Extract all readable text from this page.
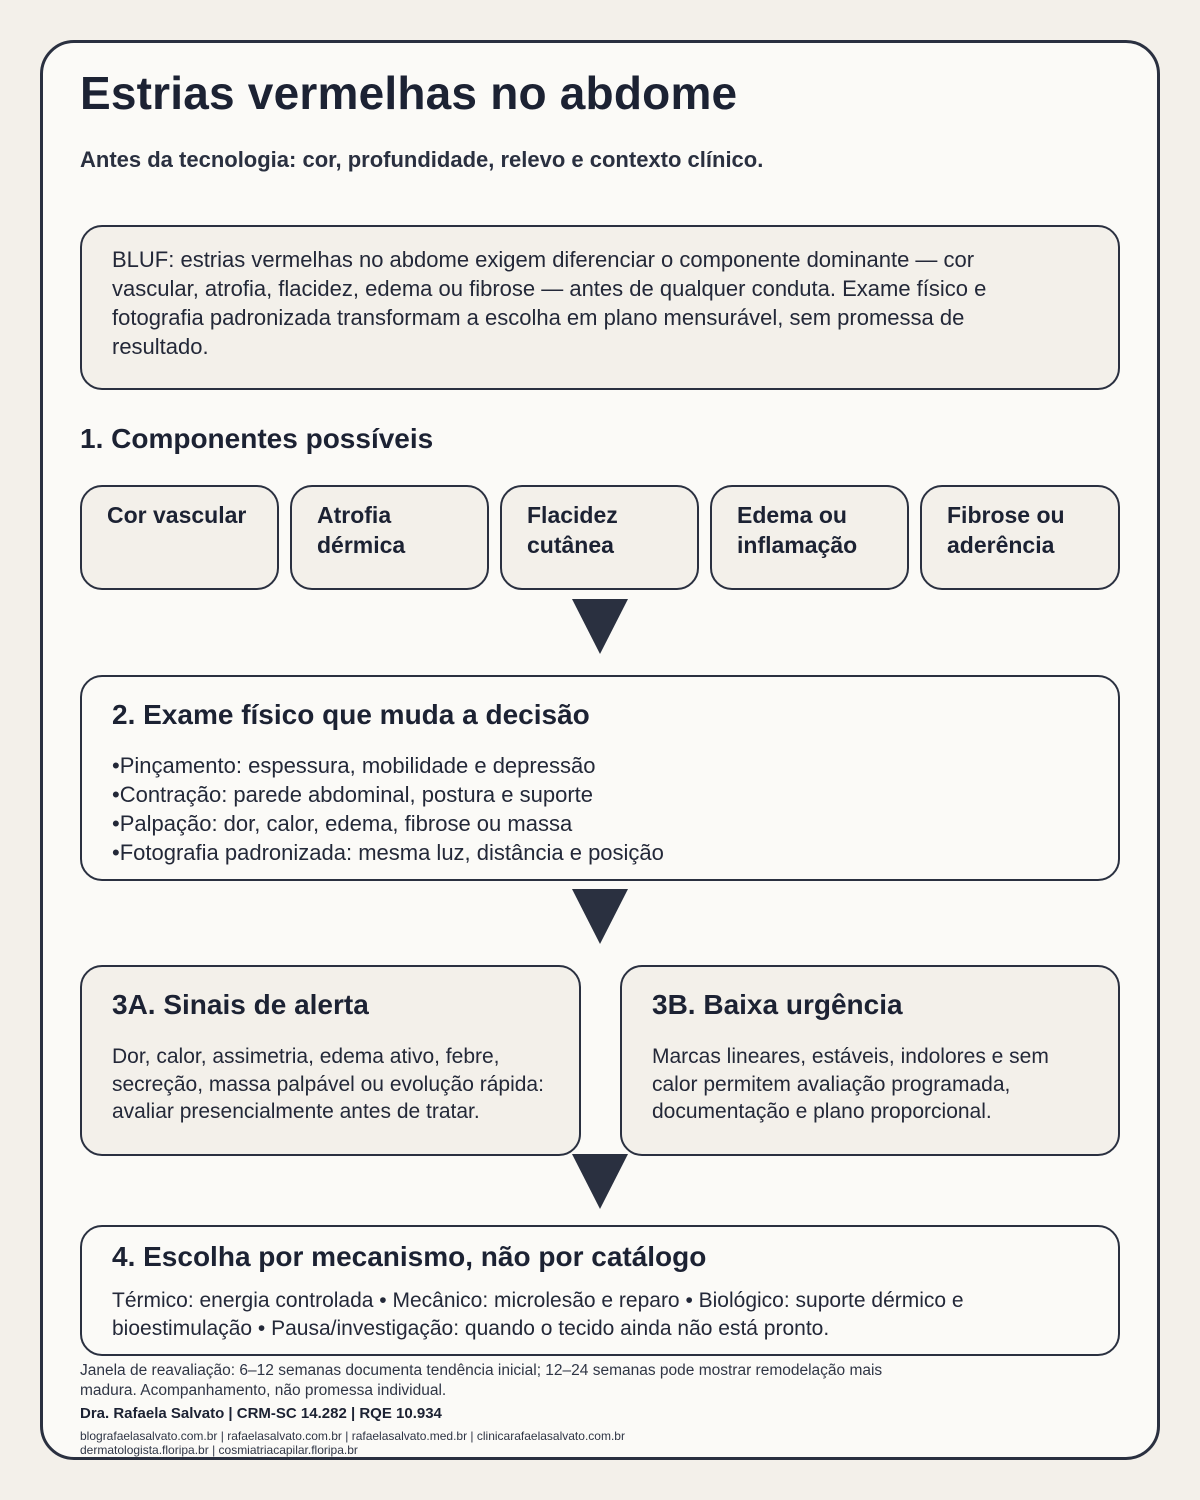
Estrias vermelhas no abdome

Antes da tecnologia: cor, profundidade, relevo e contexto clínico.

BLUF: estrias vermelhas no abdome exigem diferenciar o componente dominante — cor vascular, atrofia, flacidez, edema ou fibrose — antes de qualquer conduta. Exame físico e fotografia padronizada transformam a escolha em plano mensurável, sem promessa de resultado.
1. Componentes possíveis
Cor vascular	Atrofia dérmica
Flacidez cutânea
Edema ou inflamação
Fibrose ou aderência
2. Exame físico que muda a decisão
• Pinçamento: espessura, mobilidade e depressão
• Contração: parede abdominal, postura e suporte
• Palpação: dor, calor, edema, fibrose ou massa
• Fotografia padronizada: mesma luz, distância e posição
3A. Sinais de alerta

Dor, calor, assimetria, edema ativo, febre, secreção, massa palpável ou evolução rápida: avaliar presencialmente antes de tratar.

3B. Baixa urgência

Marcas lineares, estáveis, indolores e sem calor permitem avaliação programada, documentação e plano proporcional.

4. Escolha por mecanismo, não por catálogo

Térmico: energia controlada • Mecânico: microlesão e reparo • Biológico: suporte dérmico e bioestimulação • Pausa/investigação: quando o tecido ainda não está pronto.

Janela de reavaliação: 6–12 semanas documenta tendência inicial; 12–24 semanas pode mostrar remodelação mais madura. Acompanhamento, não promessa individual.

Dra. Rafaela Salvato | CRM-SC 14.282 | RQE 10.934

blografaelasalvato.com.br | rafaelasalvato.com.br | rafaelasalvato.med.br | clinicarafaelasalvato.com.br
dermatologista.floripa.br | cosmiatriacapilar.floripa.br
